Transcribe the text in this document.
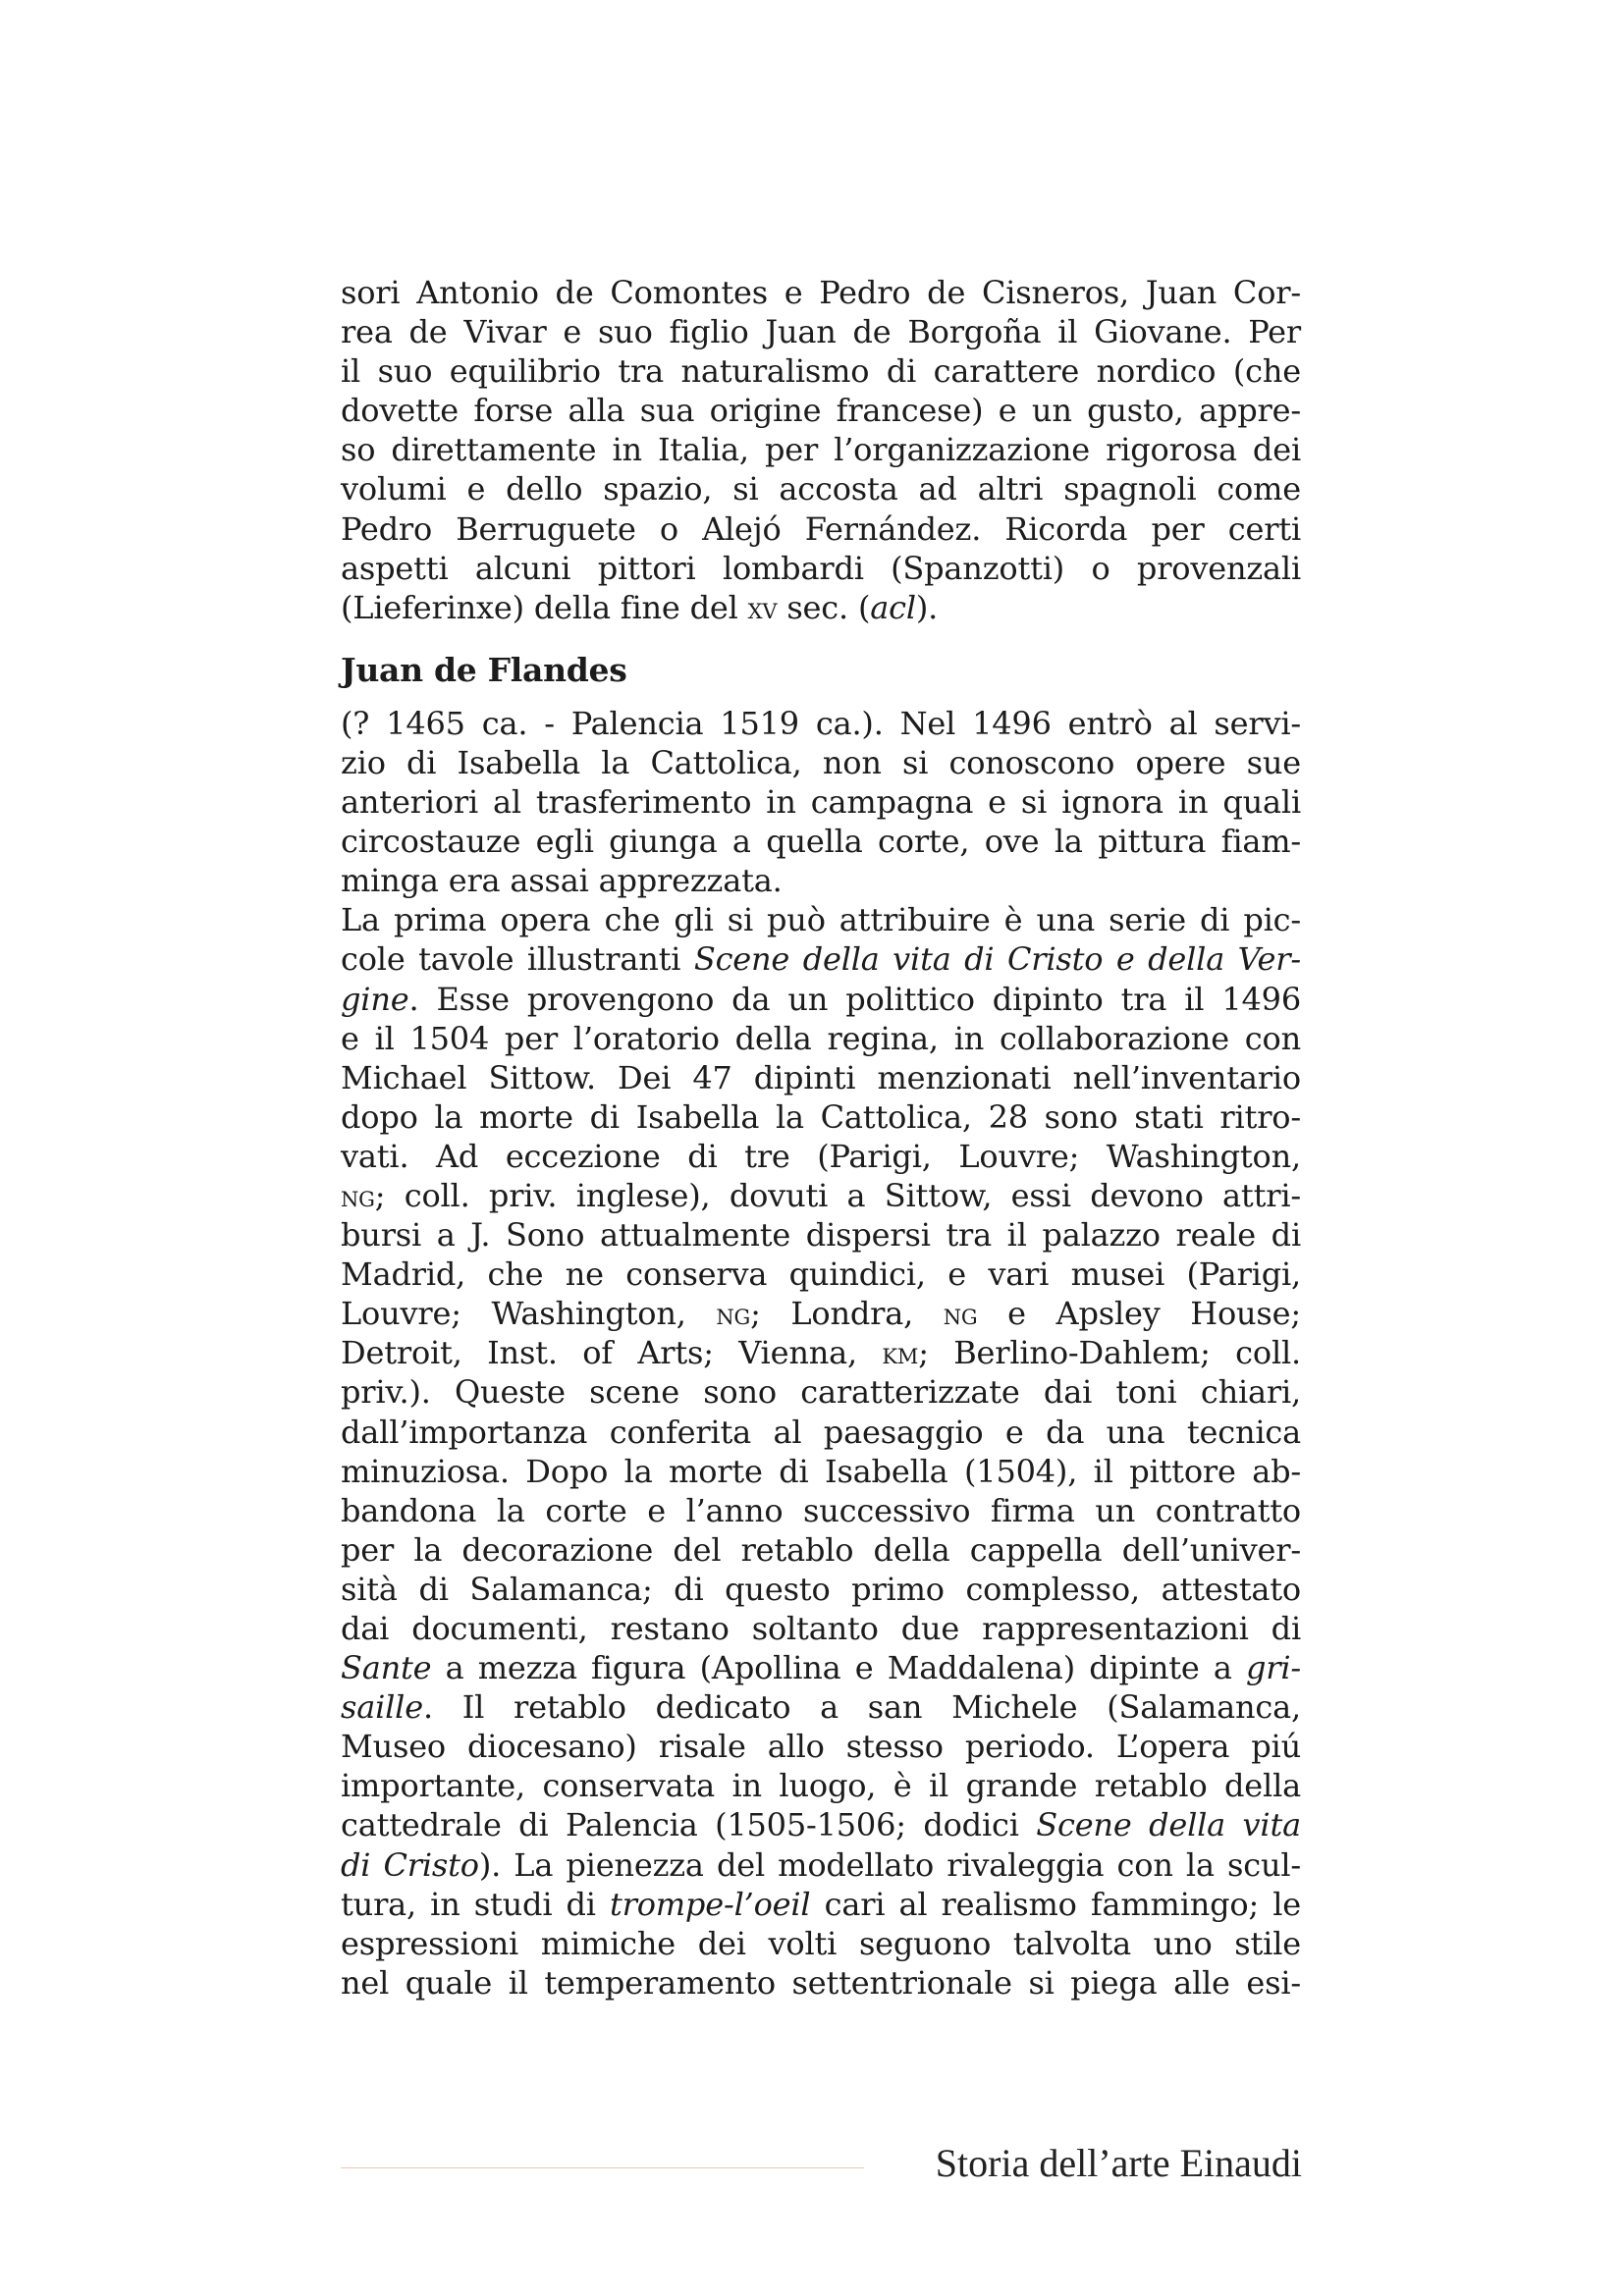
sori Antonio de Comontes e Pedro de Cisneros, Juan Cor-
rea de Vivar e suo figlio Juan de Borgoña il Giovane. Per
il suo equilibrio tra naturalismo di carattere nordico (che
dovette forse alla sua origine francese) e un gusto, appre-
so direttamente in Italia, per l’organizzazione rigorosa dei
volumi e dello spazio, si accosta ad altri spagnoli come
Pedro Berruguete o Alejó Fernández. Ricorda per certi
aspetti alcuni pittori lombardi (Spanzotti) o provenzali
(Lieferinxe) della fine del xv sec. (acl).
Juan de Flandes
(? 1465 ca. - Palencia 1519 ca.). Nel 1496 entrò al servi-
zio di Isabella la Cattolica, non si conoscono opere sue
anteriori al trasferimento in campagna e si ignora in quali
circostauze egli giunga a quella corte, ove la pittura fiam-
minga era assai apprezzata.
La prima opera che gli si può attribuire è una serie di pic-
cole tavole illustranti Scene della vita di Cristo e della Ver-
gine. Esse provengono da un polittico dipinto tra il 1496
e il 1504 per l’oratorio della regina, in collaborazione con
Michael Sittow. Dei 47 dipinti menzionati nell’inventario
dopo la morte di Isabella la Cattolica, 28 sono stati ritro-
vati. Ad eccezione di tre (Parigi, Louvre; Washington,
ng; coll. priv. inglese), dovuti a Sittow, essi devono attri-
bursi a J. Sono attualmente dispersi tra il palazzo reale di
Madrid, che ne conserva quindici, e vari musei (Parigi,
Louvre; Washington, ng; Londra, ng e Apsley House;
Detroit, Inst. of Arts; Vienna, km; Berlino-Dahlem; coll.
priv.). Queste scene sono caratterizzate dai toni chiari,
dall’importanza conferita al paesaggio e da una tecnica
minuziosa. Dopo la morte di Isabella (1504), il pittore ab-
bandona la corte e l’anno successivo firma un contratto
per la decorazione del retablo della cappella dell’univer-
sità di Salamanca; di questo primo complesso, attestato
dai documenti, restano soltanto due rappresentazioni di
Sante a mezza figura (Apollina e Maddalena) dipinte a gri-
saille. Il retablo dedicato a san Michele (Salamanca,
Museo diocesano) risale allo stesso periodo. L’opera piú
importante, conservata in luogo, è il grande retablo della
cattedrale di Palencia (1505-1506; dodici Scene della vita
di Cristo). La pienezza del modellato rivaleggia con la scul-
tura, in studi di trompe-l’oeil cari al realismo fammingo; le
espressioni mimiche dei volti seguono talvolta uno stile
nel quale il temperamento settentrionale si piega alle esi-
Storia dell’arte Einaudi
